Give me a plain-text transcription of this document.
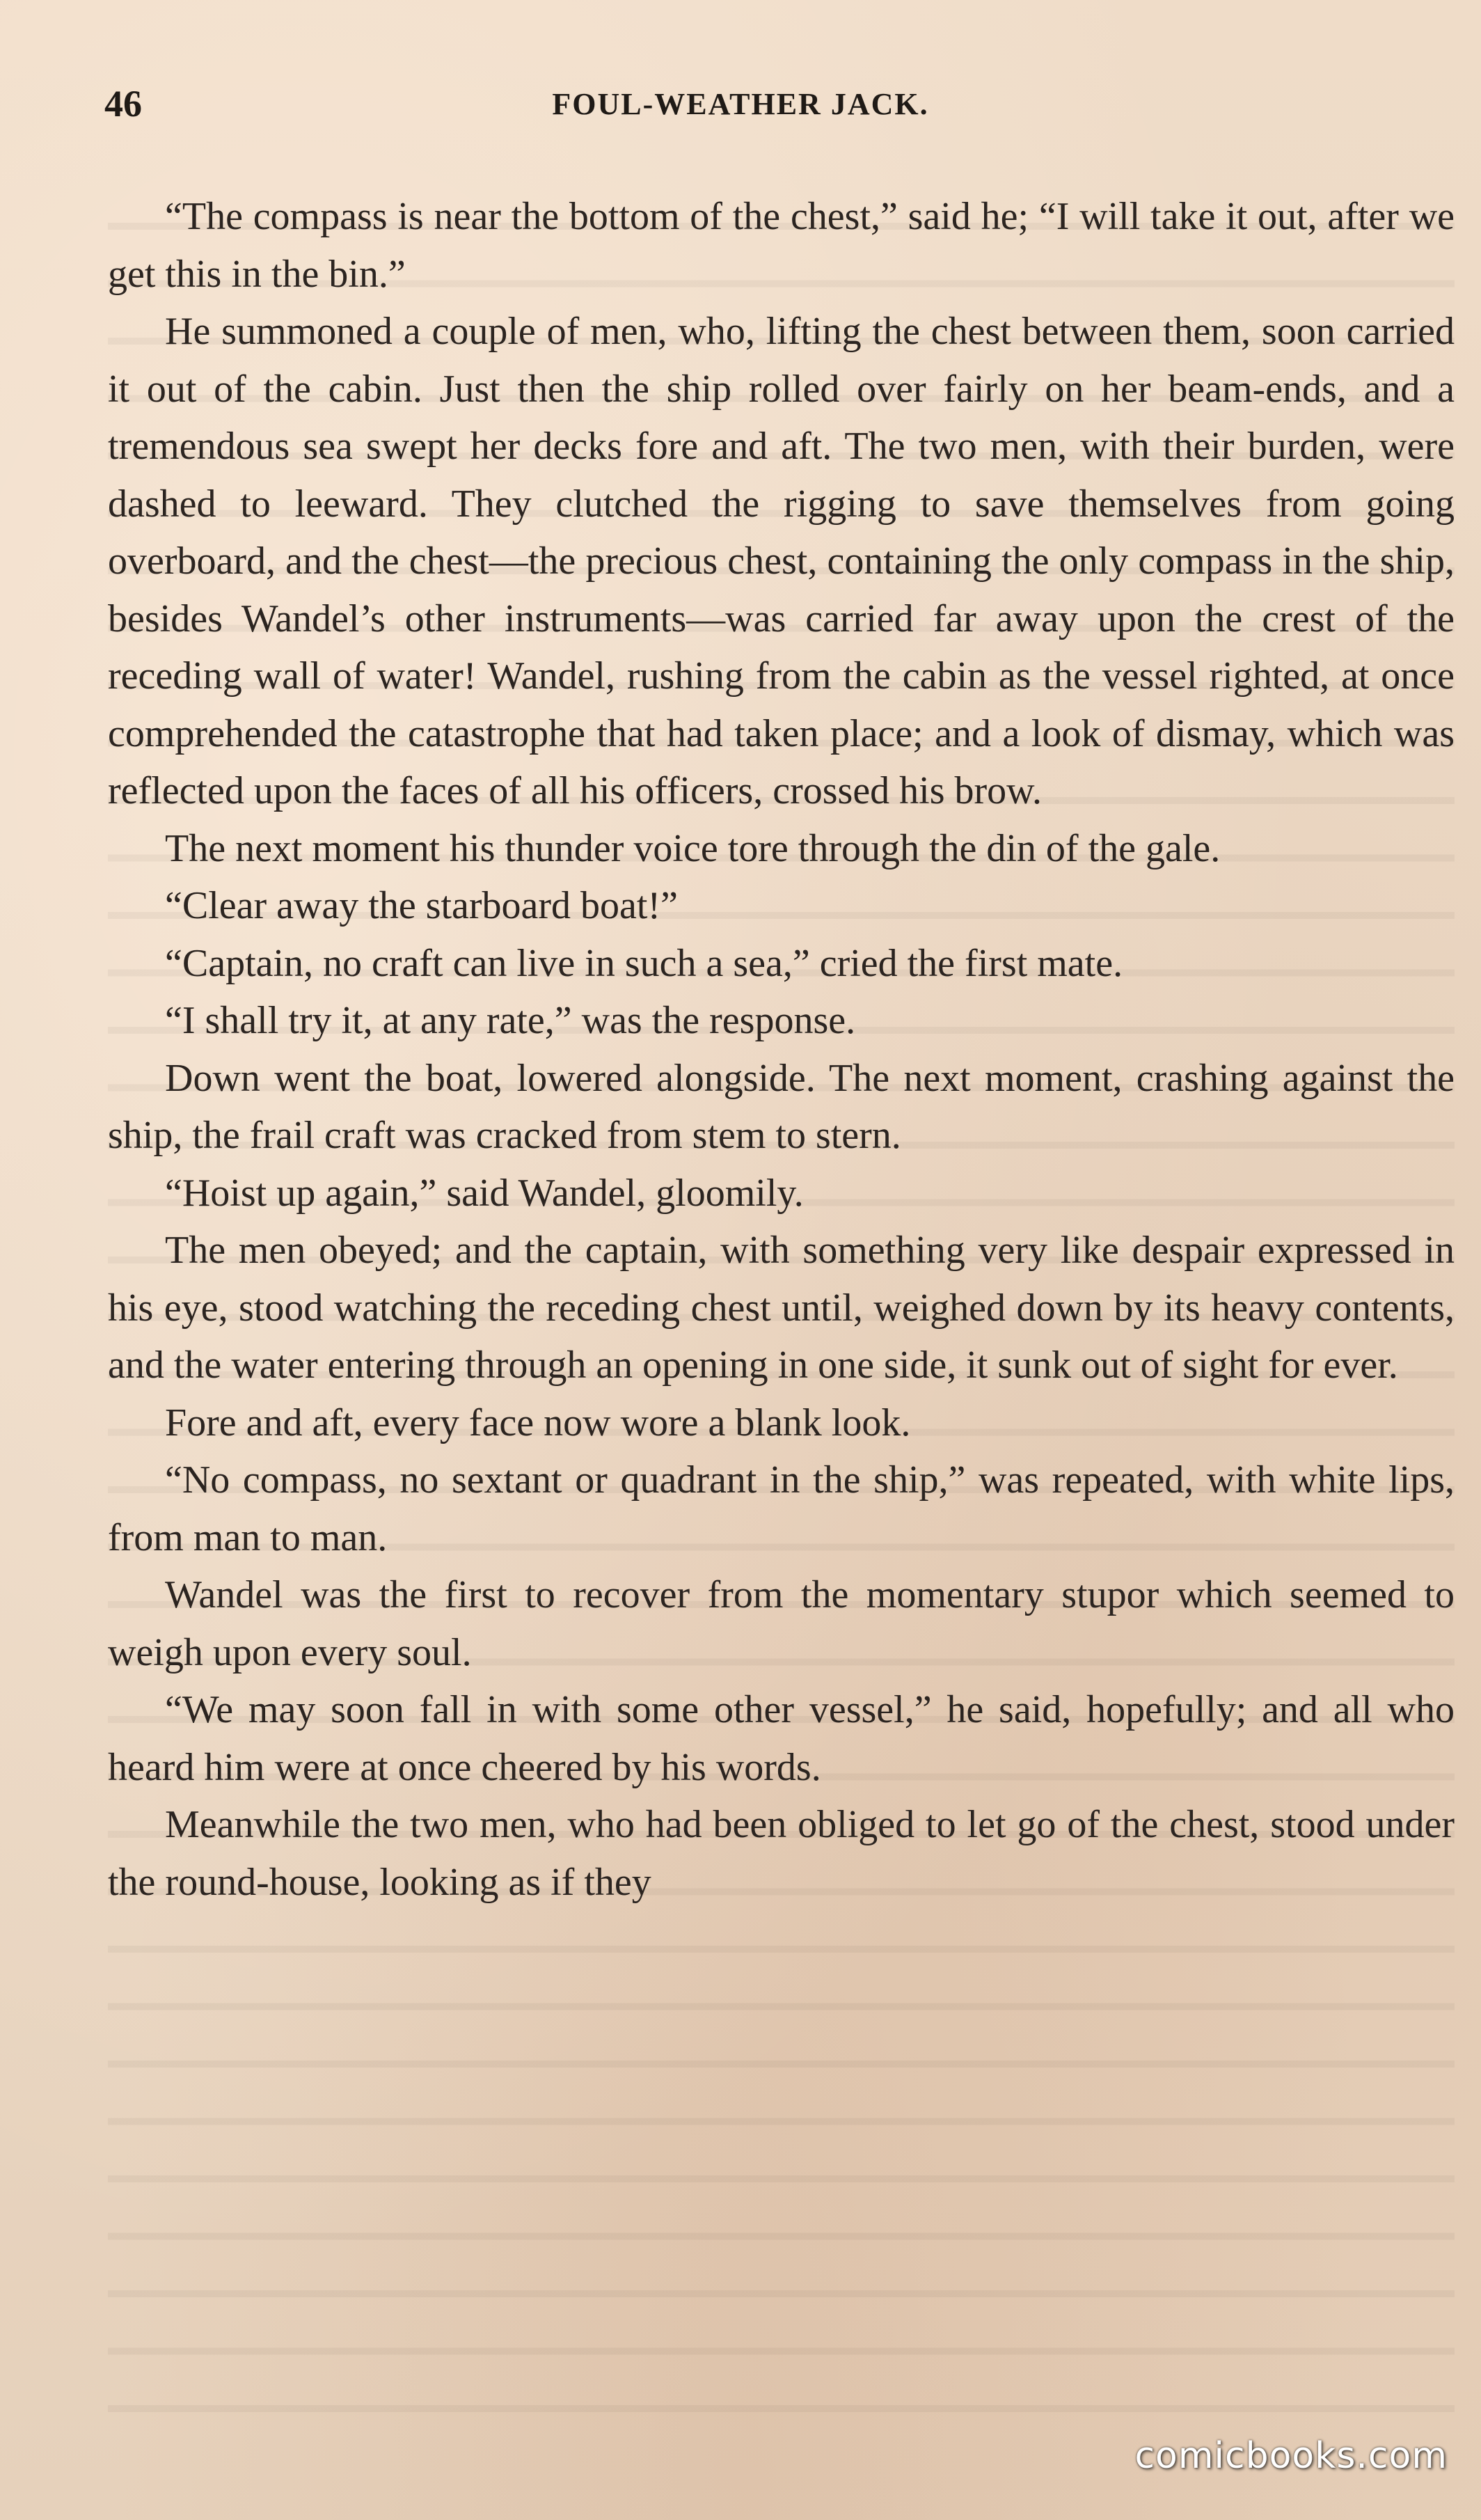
46	FOUL-WEATHER JACK.

“The compass is near the bottom of the chest,” said he; “I will take it out, after we get this in the bin.”

He summoned a couple of men, who, lifting the chest between them, soon carried it out of the cabin. Just then the ship rolled over fairly on her beam-ends, and a tremendous sea swept her decks fore and aft. The two men, with their burden, were dashed to leeward. They clutched the rigging to save themselves from going overboard, and the chest—the precious chest, containing the only compass in the ship, besides Wandel’s other instruments—was carried far away upon the crest of the receding wall of water! Wandel, rushing from the cabin as the vessel righted, at once comprehended the catastrophe that had taken place; and a look of dismay, which was reflected upon the faces of all his officers, crossed his brow.

The next moment his thunder voice tore through the din of the gale.

“Clear away the starboard boat!”

“Captain, no craft can live in such a sea,” cried the first mate.

“I shall try it, at any rate,” was the response.

Down went the boat, lowered alongside. The next moment, crashing against the ship, the frail craft was cracked from stem to stern.

“Hoist up again,” said Wandel, gloomily.

The men obeyed; and the captain, with something very like despair expressed in his eye, stood watching the receding chest until, weighed down by its heavy contents, and the water entering through an opening in one side, it sunk out of sight for ever.

Fore and aft, every face now wore a blank look.

“No compass, no sextant or quadrant in the ship,” was repeated, with white lips, from man to man.

Wandel was the first to recover from the momentary stupor which seemed to weigh upon every soul.

“We may soon fall in with some other vessel,” he said, hopefully; and all who heard him were at once cheered by his words.

Meanwhile the two men, who had been obliged to let go of the chest, stood under the round-house, looking as if they

comicbooks.com
